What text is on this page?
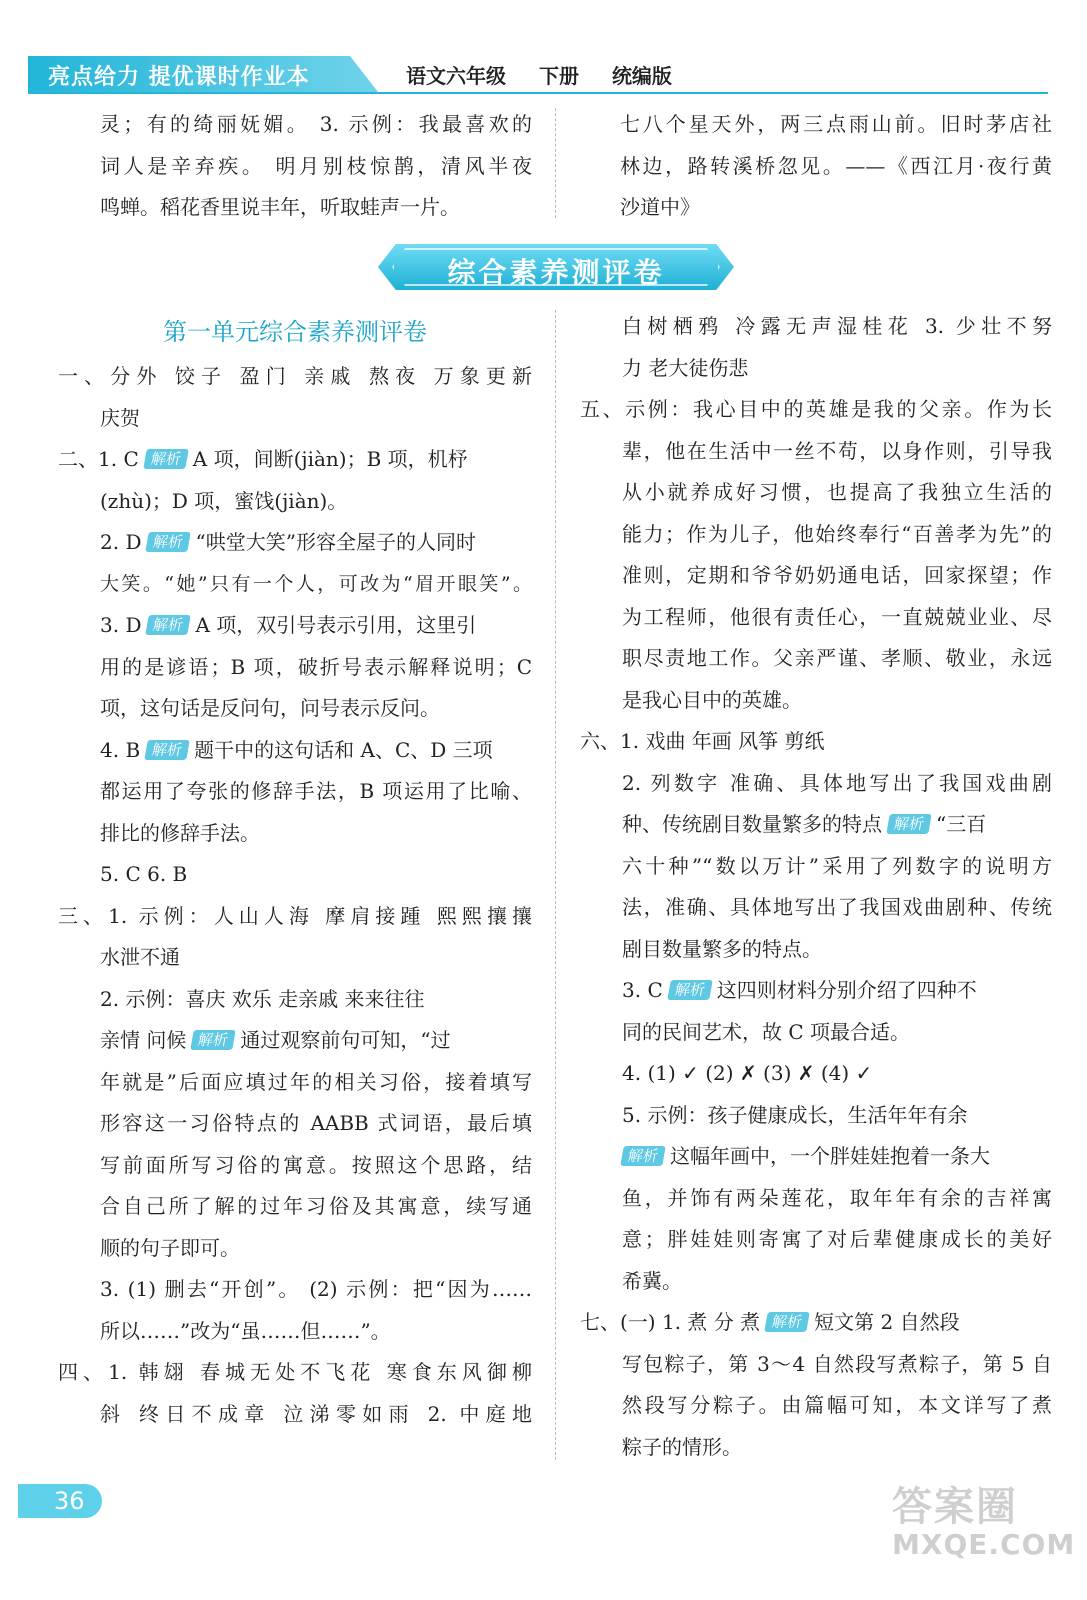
亮点给力 提优课时作业本	语文六年级 下册 统编版
灵；有的绮丽妩媚。 3. 示例：我最喜欢的
词人是辛弃疾。 明月别枝惊鹊，清风半夜
鸣蝉。稻花香里说丰年，听取蛙声一片。
七八个星天外，两三点雨山前。旧时茅店社
林边，路转溪桥忽见。——《西江月·夜行黄
沙道中》
综合素养测评卷
第一单元综合素养测评卷
一、分外 饺子 盈门 亲戚 熬夜 万象更新
庆贺
二、1. C 解析 A 项，间断(jiàn)；B 项，机杼
(zhù)；D 项，蜜饯(jiàn)。
2. D 解析 “哄堂大笑”形容全屋子的人同时
大笑。“她”只有一个人，可改为“眉开眼笑”。
3. D 解析 A 项，双引号表示引用，这里引
用的是谚语；B 项，破折号表示解释说明；C
项，这句话是反问句，问号表示反问。
4. B 解析 题干中的这句话和 A、C、D 三项
都运用了夸张的修辞手法，B 项运用了比喻、
排比的修辞手法。
5. C 6. B
三、1. 示例：人山人海 摩肩接踵 熙熙攘攘
水泄不通
2. 示例：喜庆 欢乐 走亲戚 来来往往
亲情 问候 解析 通过观察前句可知，“过
年就是”后面应填过年的相关习俗，接着填写
形容这一习俗特点的 AABB 式词语，最后填
写前面所写习俗的寓意。按照这个思路，结
合自己所了解的过年习俗及其寓意，续写通
顺的句子即可。
3. (1) 删去“开创”。 (2) 示例：把“因为……
所以……”改为“虽……但……”。
四、1. 韩翃 春城无处不飞花 寒食东风御柳
斜 终日不成章 泣涕零如雨 2. 中庭地
白树栖鸦 冷露无声湿桂花 3. 少壮不努
力 老大徒伤悲
五、示例：我心目中的英雄是我的父亲。作为长
辈，他在生活中一丝不苟，以身作则，引导我
从小就养成好习惯，也提高了我独立生活的
能力；作为儿子，他始终奉行“百善孝为先”的
准则，定期和爷爷奶奶通电话，回家探望；作
为工程师，他很有责任心，一直兢兢业业、尽
职尽责地工作。父亲严谨、孝顺、敬业，永远
是我心目中的英雄。
六、1. 戏曲 年画 风筝 剪纸
2. 列数字 准确、具体地写出了我国戏曲剧
种、传统剧目数量繁多的特点 解析 “三百
六十种”“数以万计”采用了列数字的说明方
法，准确、具体地写出了我国戏曲剧种、传统
剧目数量繁多的特点。
3. C 解析 这四则材料分别介绍了四种不
同的民间艺术，故 C 项最合适。
4. (1) ✓ (2) ✗ (3) ✗ (4) ✓
5. 示例：孩子健康成长，生活年年有余
解析 这幅年画中，一个胖娃娃抱着一条大
鱼，并饰有两朵莲花，取年年有余的吉祥寓
意；胖娃娃则寄寓了对后辈健康成长的美好
希冀。
七、(一) 1. 煮 分 煮 解析 短文第 2 自然段
写包粽子，第 3～4 自然段写煮粽子，第 5 自
然段写分粽子。由篇幅可知，本文详写了煮
粽子的情形。
36	答案圈
MXQE.COM
